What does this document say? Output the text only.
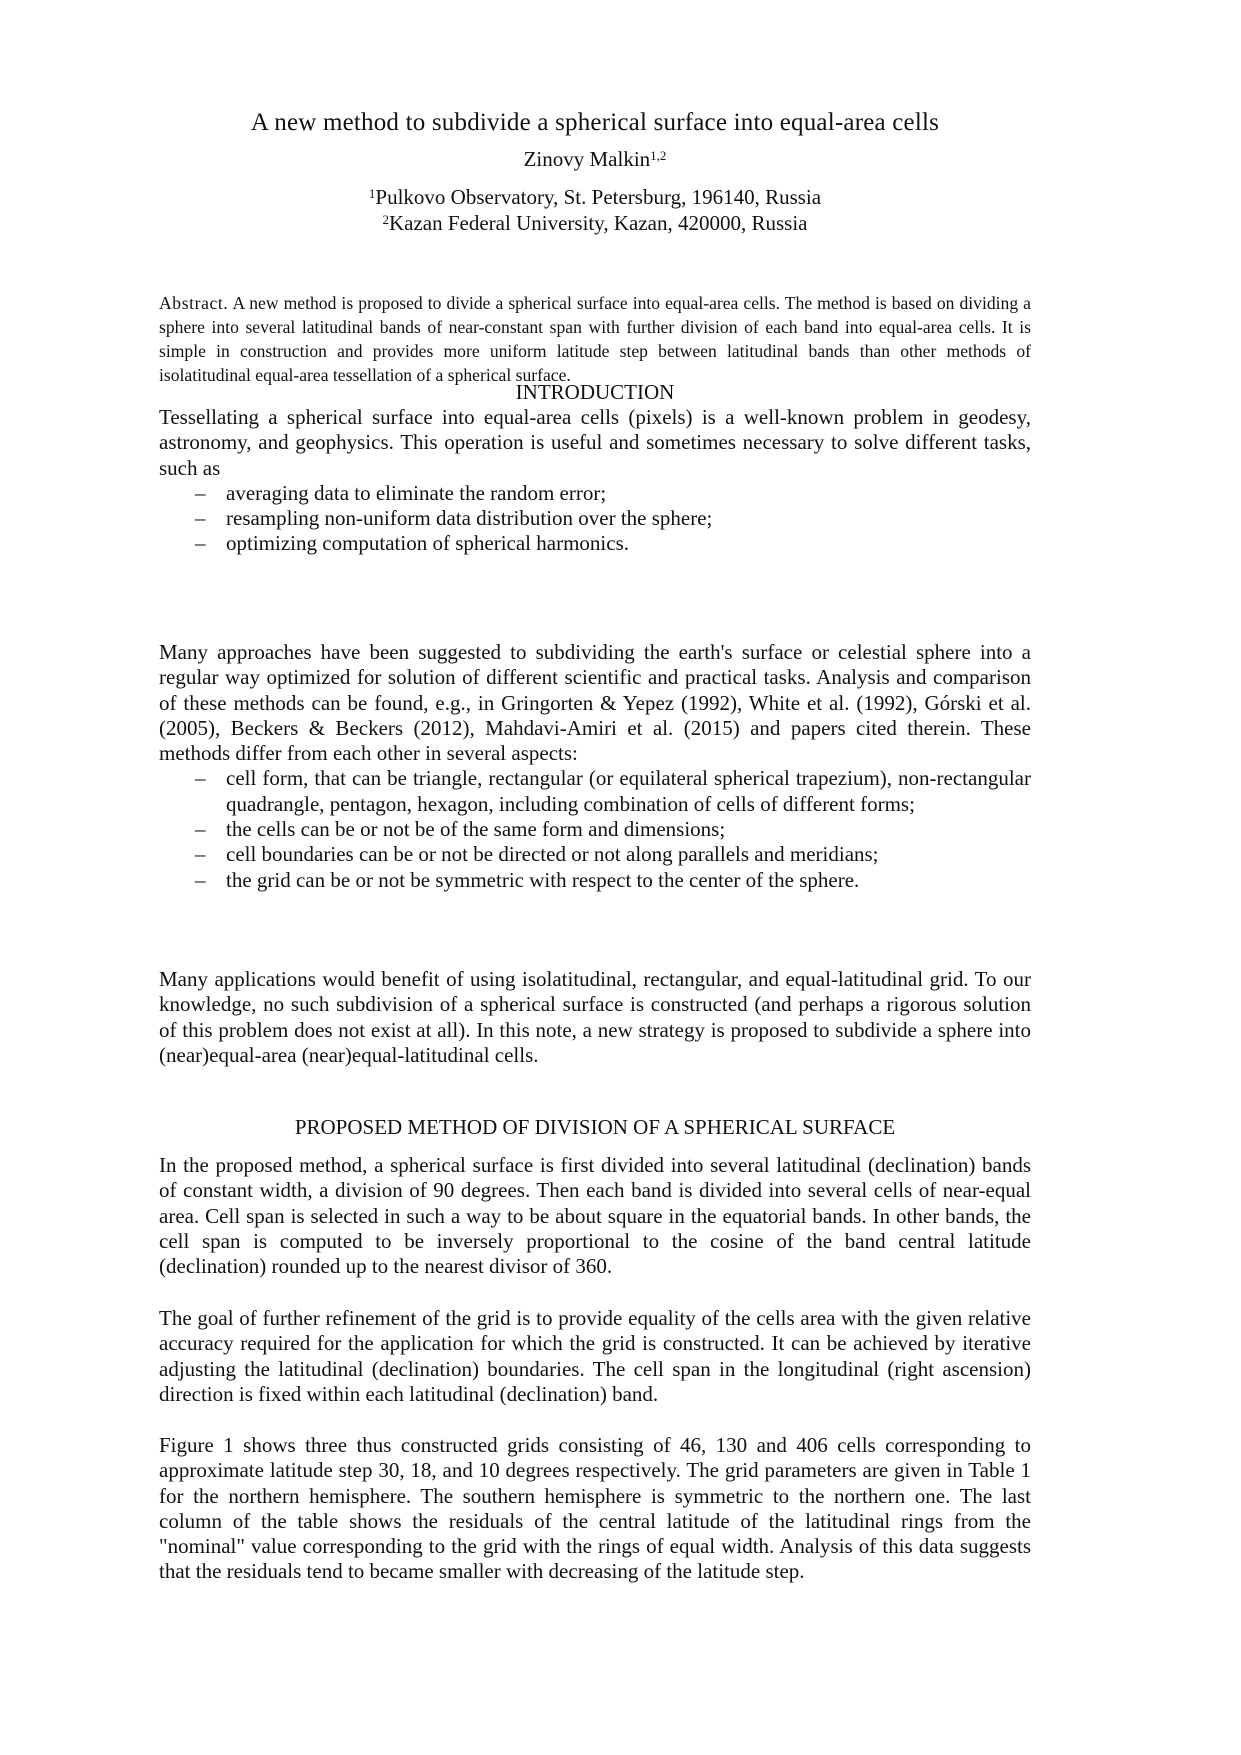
A new method to subdivide a spherical surface into equal-area cells
Zinovy Malkin$^{1,2}$
$^1$Pulkovo Observatory, St. Petersburg, 196140, Russia
$^2$Kazan Federal University, Kazan, 420000, Russia
Abstract. A new method is proposed to divide a spherical surface into equal-area cells. The method is based on dividing a sphere into several latitudinal bands of near-constant span with further division of each band into equal-area cells. It is simple in construction and provides more uniform latitude step between latitudinal bands than other methods of isolatitudinal equal-area tessellation of a spherical surface.
INTRODUCTION
Tessellating a spherical surface into equal-area cells (pixels) is a well-known problem in geodesy, astronomy, and geophysics. This operation is useful and sometimes necessary to solve different tasks, such as
– averaging data to eliminate the random error;
– resampling non-uniform data distribution over the sphere;
– optimizing computation of spherical harmonics.
Many approaches have been suggested to subdividing the earth's surface or celestial sphere into a regular way optimized for solution of different scientific and practical tasks. Analysis and comparison of these methods can be found, e.g., in Gringorten & Yepez (1992), White et al. (1992), Górski et al. (2005), Beckers & Beckers (2012), Mahdavi-Amiri et al. (2015) and papers cited therein. These methods differ from each other in several aspects:
– cell form, that can be triangle, rectangular (or equilateral spherical trapezium), non-rectangular quadrangle, pentagon, hexagon, including combination of cells of different forms;
– the cells can be or not be of the same form and dimensions;
– cell boundaries can be or not be directed or not along parallels and meridians;
– the grid can be or not be symmetric with respect to the center of the sphere.
Many applications would benefit of using isolatitudinal, rectangular, and equal-latitudinal grid. To our knowledge, no such subdivision of a spherical surface is constructed (and perhaps a rigorous solution of this problem does not exist at all). In this note, a new strategy is proposed to subdivide a sphere into (near)equal-area (near)equal-latitudinal cells.
PROPOSED METHOD OF DIVISION OF A SPHERICAL SURFACE
In the proposed method, a spherical surface is first divided into several latitudinal (declination) bands of constant width, a division of 90 degrees. Then each band is divided into several cells of near-equal area. Cell span is selected in such a way to be about square in the equatorial bands. In other bands, the cell span is computed to be inversely proportional to the cosine of the band central latitude (declination) rounded up to the nearest divisor of 360.
The goal of further refinement of the grid is to provide equality of the cells area with the given relative accuracy required for the application for which the grid is constructed. It can be achieved by iterative adjusting the latitudinal (declination) boundaries. The cell span in the longitudinal (right ascension) direction is fixed within each latitudinal (declination) band.
Figure 1 shows three thus constructed grids consisting of 46, 130 and 406 cells corresponding to approximate latitude step 30, 18, and 10 degrees respectively. The grid parameters are given in Table 1 for the northern hemisphere. The southern hemisphere is symmetric to the northern one. The last column of the table shows the residuals of the central latitude of the latitudinal rings from the "nominal" value corresponding to the grid with the rings of equal width. Analysis of this data suggests that the residuals tend to became smaller with decreasing of the latitude step.
